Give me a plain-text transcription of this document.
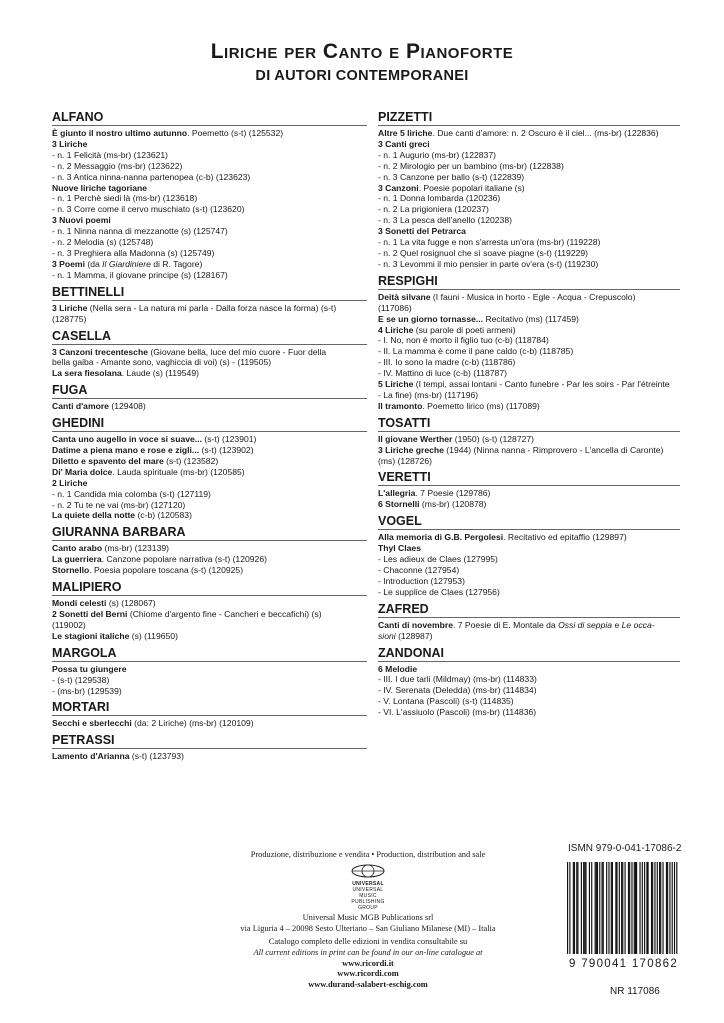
Liriche per Canto e Pianoforte
DI AUTORI CONTEMPORANEI
ALFANO
È giunto il nostro ultimo autunno. Poemetto (s-t) (125532)
3 Liriche
- n. 1 Felicità (ms-br) (123621)
- n. 2 Messaggio (ms-br) (123622)
- n. 3 Antica ninna-nanna partenopea (c-b) (123623)
Nuove liriche tagoriane
- n. 1 Perchè siedi là (ms-br) (123618)
- n. 3 Corre come il cervo muschiato (s-t) (123620)
3 Nuovi poemi
- n. 1 Ninna nanna di mezzanotte (s) (125747)
- n. 2 Melodia (s) (125748)
- n. 3 Preghiera alla Madonna (s) (125749)
3 Poemi (da Il Giardiniere di R. Tagore)
- n. 1 Mamma, il giovane principe (s) (128167)
BETTINELLI
3 Liriche (Nella sera - La natura mi parla - Dalla forza nasce la forma) (s-t)
(128775)
CASELLA
3 Canzoni trecentesche (Giovane bella, luce del mio cuore - Fuor della
bella gaiba - Amante sono, vaghiccia di voi) (s) - (119505)
La sera fiesolana. Laude (s) (119549)
FUGA
Canti d'amore (129408)
GHEDINI
Canta uno augello in voce si suave... (s-t) (123901)
Datime a piena mano e rose e zigli... (s-t) (123902)
Diletto e spavento del mare (s-t) (123582)
Di' Maria dolce. Lauda spirituale (ms-br) (120585)
2 Liriche
- n. 1 Candida mia colomba (s-t) (127119)
- n. 2 Tu te ne vai (ms-br) (127120)
La quiete della notte (c-b) (120583)
GIURANNA BARBARA
Canto arabo (ms-br) (123139)
La guerriera. Canzone popolare narrativa (s-t) (120926)
Stornello. Poesia popolare toscana (s-t) (120925)
MALIPIERO
Mondi celesti (s) (128067)
2 Sonetti del Berni (Chiome d'argento fine - Cancheri e beccafichi) (s)
(119002)
Le stagioni italiche (s) (119650)
MARGOLA
Possa tu giungere
- (s-t) (129538)
- (ms-br) (129539)
MORTARI
Secchi e sberlecchi (da: 2 Liriche) (ms-br) (120109)
PETRASSI
Lamento d'Arianna (s-t) (123793)
PIZZETTI
Altre 5 liriche. Due canti d'amore: n. 2 Oscuro è il ciel... (ms-br) (122836)
3 Canti greci
- n. 1 Augurio (ms-br) (122837)
- n. 2 Mirologio per un bambino (ms-br) (122838)
- n. 3 Canzone per ballo (s-t) (122839)
3 Canzoni. Poesie popolari italiane (s)
- n. 1 Donna lombarda (120236)
- n. 2 La prigioniera (120237)
- n. 3 La pesca dell'anello (120238)
3 Sonetti del Petrarca
- n. 1 La vita fugge e non s'arresta un'ora (ms-br) (119228)
- n. 2 Quel rosignuol che sì soave piagne (s-t) (119229)
- n. 3 Levommi il mio pensier in parte ov'era (s-t) (119230)
RESPIGHI
Deità silvane (I fauni - Musica in horto - Egle - Acqua - Crepuscolo)
(117086)
E se un giorno tornasse... Recitativo (ms) (117459)
4 Liriche (su parole di poeti armeni)
- I. No, non è morto il figlio tuo (c-b) (118784)
- II. La mamma è come il pane caldo (c-b) (118785)
- III. Io sono la madre (c-b) (118786)
- IV. Mattino di luce (c-b) (118787)
5 Liriche (I tempi, assai lontani - Canto funebre - Par les soirs - Par l'étreinte
- La fine) (ms-br) (117196)
Il tramonto. Poemetto lirico (ms) (117089)
TOSATTI
Il giovane Werther (1950) (s-t) (128727)
3 Liriche greche (1944) (Ninna nanna - Rimprovero - L'ancella di Caronte)
(ms) (128726)
VERETTI
L'allegria. 7 Poesie (129786)
6 Stornelli (ms-br) (120878)
VOGEL
Alla memoria di G.B. Pergolesi. Recitativo ed epitaffio (129897)
Thyl Claes
- Les adieux de Claes (127995)
- Chaconne (127954)
- Introduction (127953)
- Le supplice de Claes (127956)
ZAFRED
Canti di novembre. 7 Poesie di E. Montale da Ossi di seppia e Le occa-
sioni (128987)
ZANDONAI
6 Melodie
- III. I due tarli (Mildmay) (ms-br) (114833)
- IV. Serenata (Deledda) (ms-br) (114834)
- V. Lontana (Pascoli) (s-t) (114835)
- VI. L'assiuolo (Pascoli) (ms-br) (114836)
Produzione, distribuzione e vendita • Production, distribution and sale
UNIVERSAL
UNIVERSAL MUSIC PUBLISHING GROUP
Universal Music MGB Publications srl
via Liguria 4 – 20098 Sesto Ulteriano – San Giuliano Milanese (MI) – Italia
Catalogo completo delle edizioni in vendita consultabile su
All current editions in print can be found in our on-line catalogue at
www.ricordi.it
www.ricordi.com
www.durand-salabert-eschig.com
ISMN 979-0-041-17086-2
9 790041 170862
NR 117086
